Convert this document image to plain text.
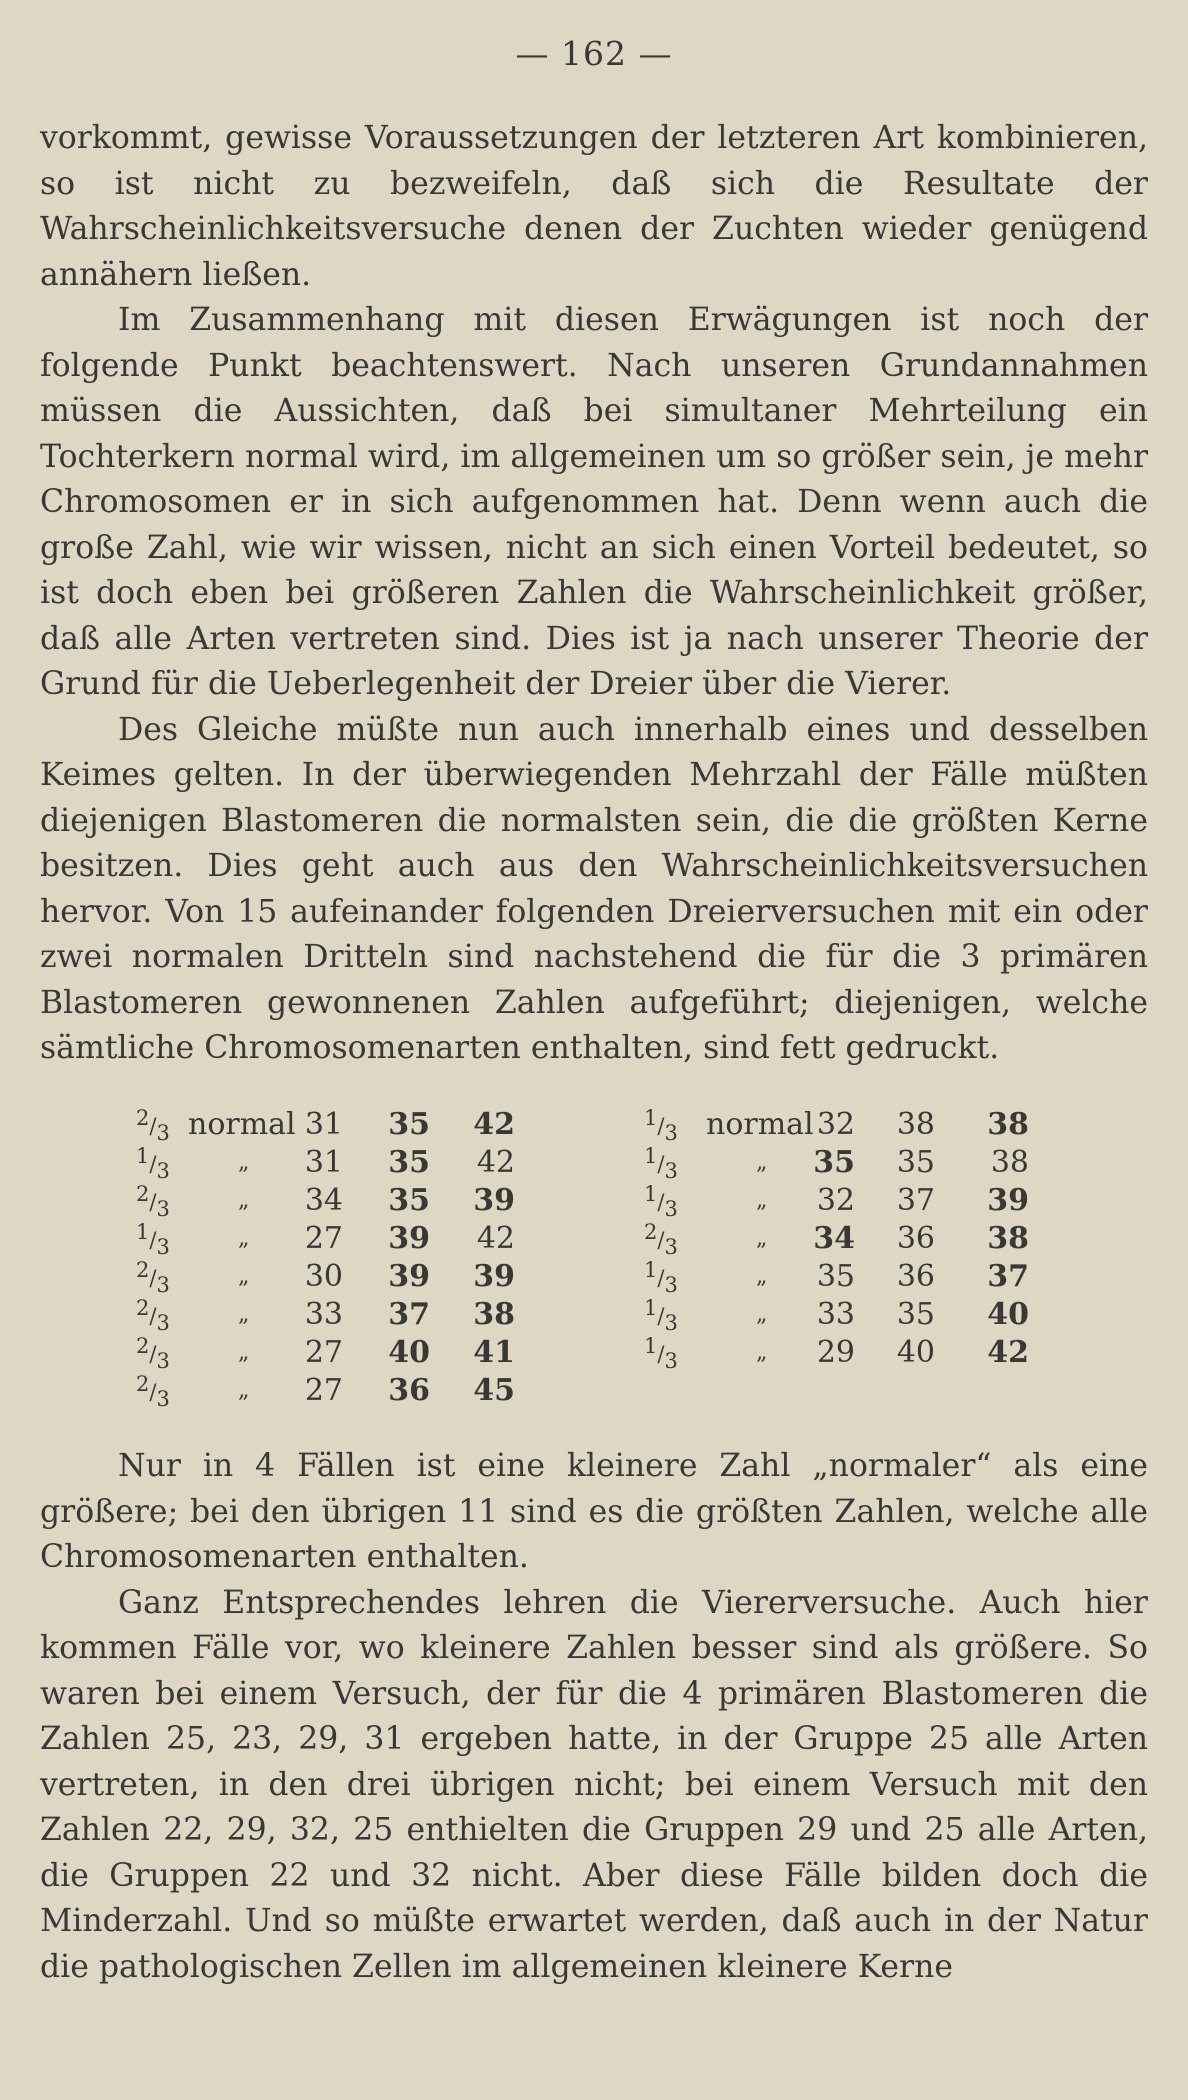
— 162 —

vorkommt, gewisse Voraussetzungen der letzteren Art kombinieren, so ist nicht zu bezweifeln, daß sich die Resultate der Wahrscheinlichkeitsversuche denen der Zuchten wieder genügend annähern ließen.

Im Zusammenhang mit diesen Erwägungen ist noch der folgende Punkt beachtenswert. Nach unseren Grundannahmen müssen die Aussichten, daß bei simultaner Mehrteilung ein Tochterkern normal wird, im allgemeinen um so größer sein, je mehr Chromosomen er in sich aufgenommen hat. Denn wenn auch die große Zahl, wie wir wissen, nicht an sich einen Vorteil bedeutet, so ist doch eben bei größeren Zahlen die Wahrscheinlichkeit größer, daß alle Arten vertreten sind. Dies ist ja nach unserer Theorie der Grund für die Ueberlegenheit der Dreier über die Vierer.

Des Gleiche müßte nun auch innerhalb eines und desselben Keimes gelten. In der überwiegenden Mehrzahl der Fälle müßten diejenigen Blastomeren die normalsten sein, die die größten Kerne besitzen. Dies geht auch aus den Wahrscheinlichkeitsversuchen hervor. Von 15 aufeinander folgenden Dreierversuchen mit ein oder zwei normalen Dritteln sind nachstehend die für die 3 primären Blastomeren gewonnenen Zahlen aufgeführt; diejenigen, welche sämtliche Chromosomenarten enthalten, sind fett gedruckt.

2/3 normal 31 35 42
1/3	„	31 35	42
2/3	„	34 35 39
1/3	„	27 39	42
2/3	„	30 39 39
2/3	„	33 37 38
2/3	„	27 40 41
2/3	„	27 36 45
1/3 normal 32	38 38
1/3	„ 35	35	38
1/3	„	32	37 39
2/3	„ 34	36 38
1/3	„	35	36 37
1/3	„	33	35 40
1/3	„	29	40 42

Nur in 4 Fällen ist eine kleinere Zahl „normaler“ als eine größere; bei den übrigen 11 sind es die größten Zahlen, welche alle Chromosomenarten enthalten.

Ganz Entsprechendes lehren die Viererversuche. Auch hier kommen Fälle vor, wo kleinere Zahlen besser sind als größere. So waren bei einem Versuch, der für die 4 primären Blastomeren die Zahlen 25, 23, 29, 31 ergeben hatte, in der Gruppe 25 alle Arten vertreten, in den drei übrigen nicht; bei einem Versuch mit den Zahlen 22, 29, 32, 25 enthielten die Gruppen 29 und 25 alle Arten, die Gruppen 22 und 32 nicht. Aber diese Fälle bilden doch die Minderzahl. Und so müßte erwartet werden, daß auch in der Natur die pathologischen Zellen im allgemeinen kleinere Kerne
